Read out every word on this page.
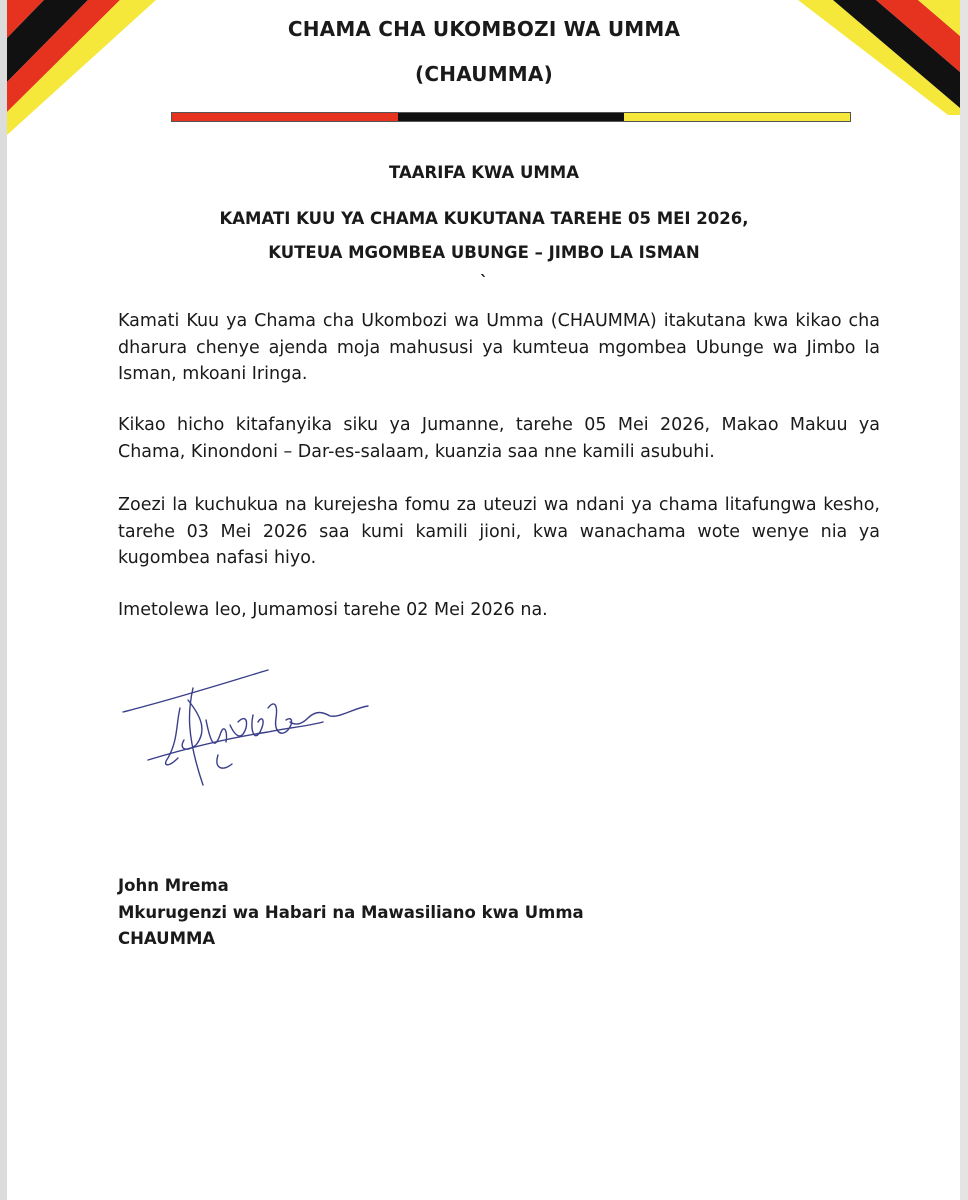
CHAMA CHA UKOMBOZI WA UMMA
(CHAUMMA)
TAARIFA KWA UMMA
KAMATI KUU YA CHAMA KUKUTANA TAREHE 05 MEI 2026,
KUTEUA MGOMBEA UBUNGE – JIMBO LA ISMAN
`

Kamati Kuu ya Chama cha Ukombozi wa Umma (CHAUMMA) itakutana kwa kikao cha dharura chenye ajenda moja mahususi ya kumteua mgombea Ubunge wa Jimbo la Isman, mkoani Iringa.

Kikao hicho kitafanyika siku ya Jumanne, tarehe 05 Mei 2026, Makao Makuu ya Chama, Kinondoni – Dar-es-salaam, kuanzia saa nne kamili asubuhi.

Zoezi la kuchukua na kurejesha fomu za uteuzi wa ndani ya chama litafungwa kesho, tarehe 03 Mei 2026 saa kumi kamili jioni, kwa wanachama wote wenye nia ya kugombea nafasi hiyo.

Imetolewa leo, Jumamosi tarehe 02 Mei 2026 na.

John Mrema
Mkurugenzi wa Habari na Mawasiliano kwa Umma
CHAUMMA
